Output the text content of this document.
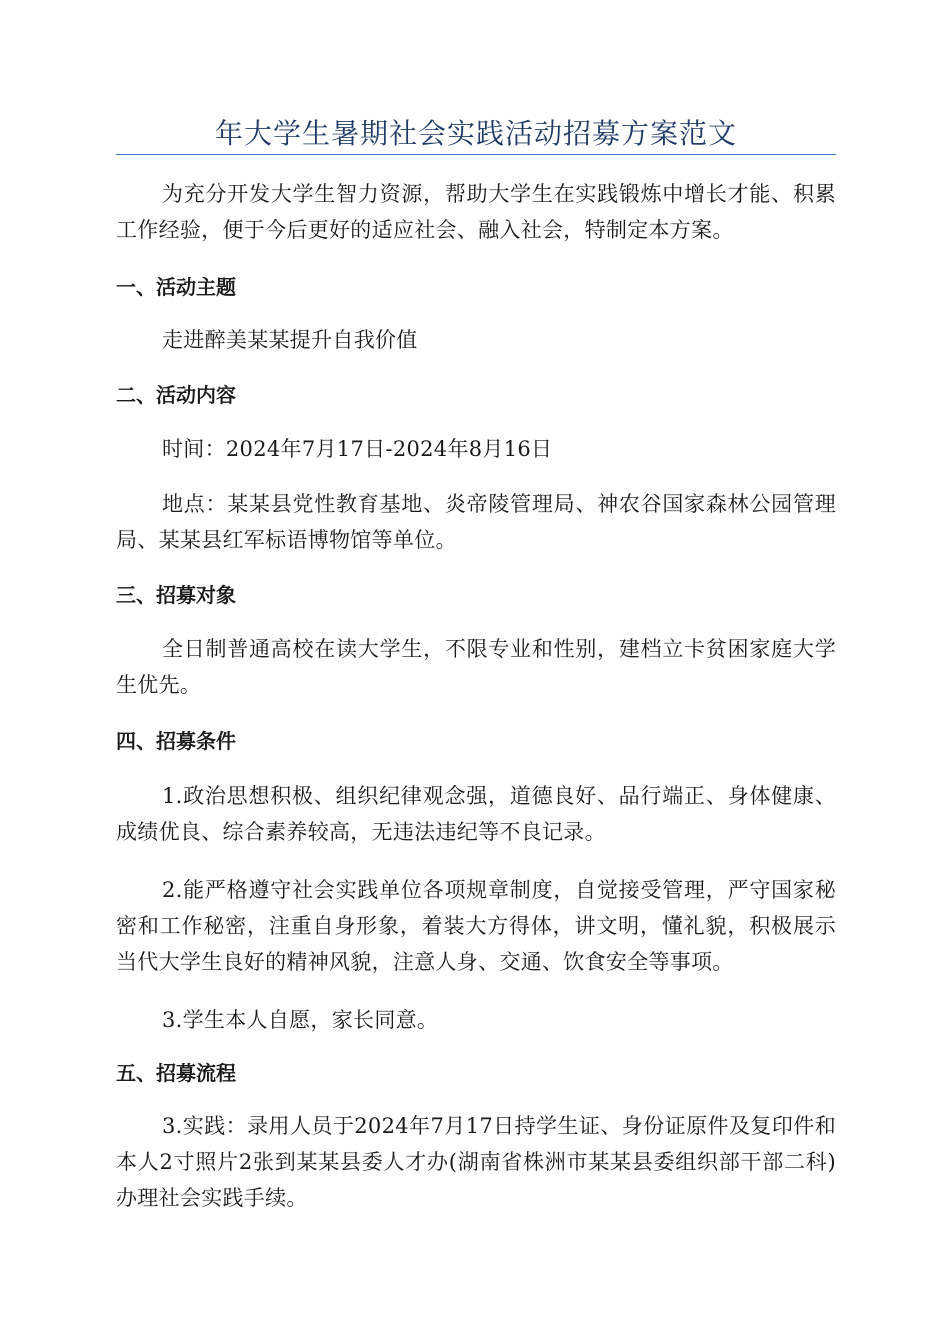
年大学生暑期社会实践活动招募方案范文
为充分开发大学生智力资源，帮助大学生在实践锻炼中增长才能、积累工作经验，便于今后更好的适应社会、融入社会，特制定本方案。
一、活动主题
走进醉美某某提升自我价值
二、活动内容
时间：2024年7月17日-2024年8月16日
地点：某某县党性教育基地、炎帝陵管理局、神农谷国家森林公园管理局、某某县红军标语博物馆等单位。
三、招募对象
全日制普通高校在读大学生，不限专业和性别，建档立卡贫困家庭大学生优先。
四、招募条件
1.政治思想积极、组织纪律观念强，道德良好、品行端正、身体健康、成绩优良、综合素养较高，无违法违纪等不良记录。
2.能严格遵守社会实践单位各项规章制度，自觉接受管理，严守国家秘密和工作秘密，注重自身形象，着装大方得体，讲文明，懂礼貌，积极展示当代大学生良好的精神风貌，注意人身、交通、饮食安全等事项。
3.学生本人自愿，家长同意。
五、招募流程
3.实践：录用人员于2024年7月17日持学生证、身份证原件及复印件和本人2寸照片2张到某某县委人才办(湖南省株洲市某某县委组织部干部二科)办理社会实践手续。
